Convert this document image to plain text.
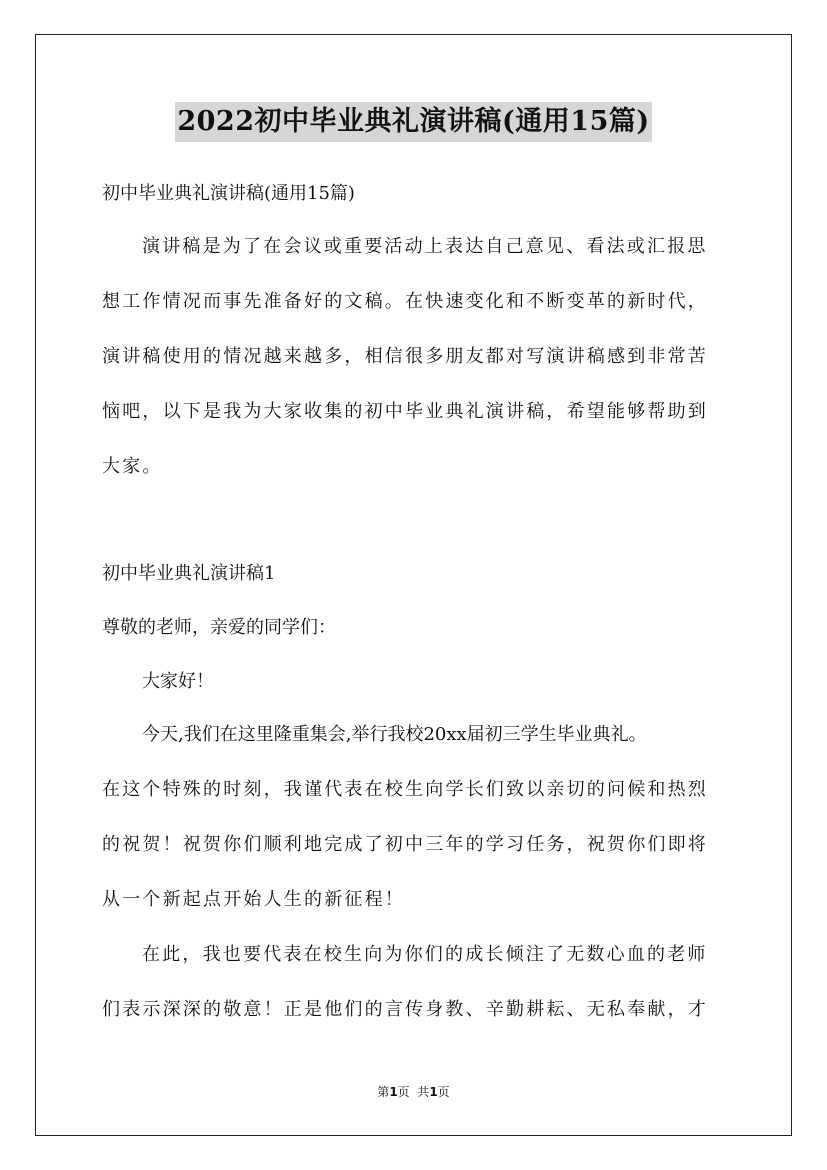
2022初中毕业典礼演讲稿(通用15篇)

初中毕业典礼演讲稿(通用15篇)

演讲稿是为了在会议或重要活动上表达自己意见、看法或汇报思

想工作情况而事先准备好的文稿。在快速变化和不断变革的新时代，

演讲稿使用的情况越来越多，相信很多朋友都对写演讲稿感到非常苦

恼吧，以下是我为大家收集的初中毕业典礼演讲稿，希望能够帮助到

大家。

初中毕业典礼演讲稿1

尊敬的老师，亲爱的同学们：

大家好！

今天,我们在这里隆重集会,举行我校20xx届初三学生毕业典礼。

在这个特殊的时刻，我谨代表在校生向学长们致以亲切的问候和热烈

的祝贺！祝贺你们顺利地完成了初中三年的学习任务，祝贺你们即将

从一个新起点开始人生的新征程！

在此，我也要代表在校生向为你们的成长倾注了无数心血的老师

们表示深深的敬意！正是他们的言传身教、辛勤耕耘、无私奉献，才

第1页  共1页
